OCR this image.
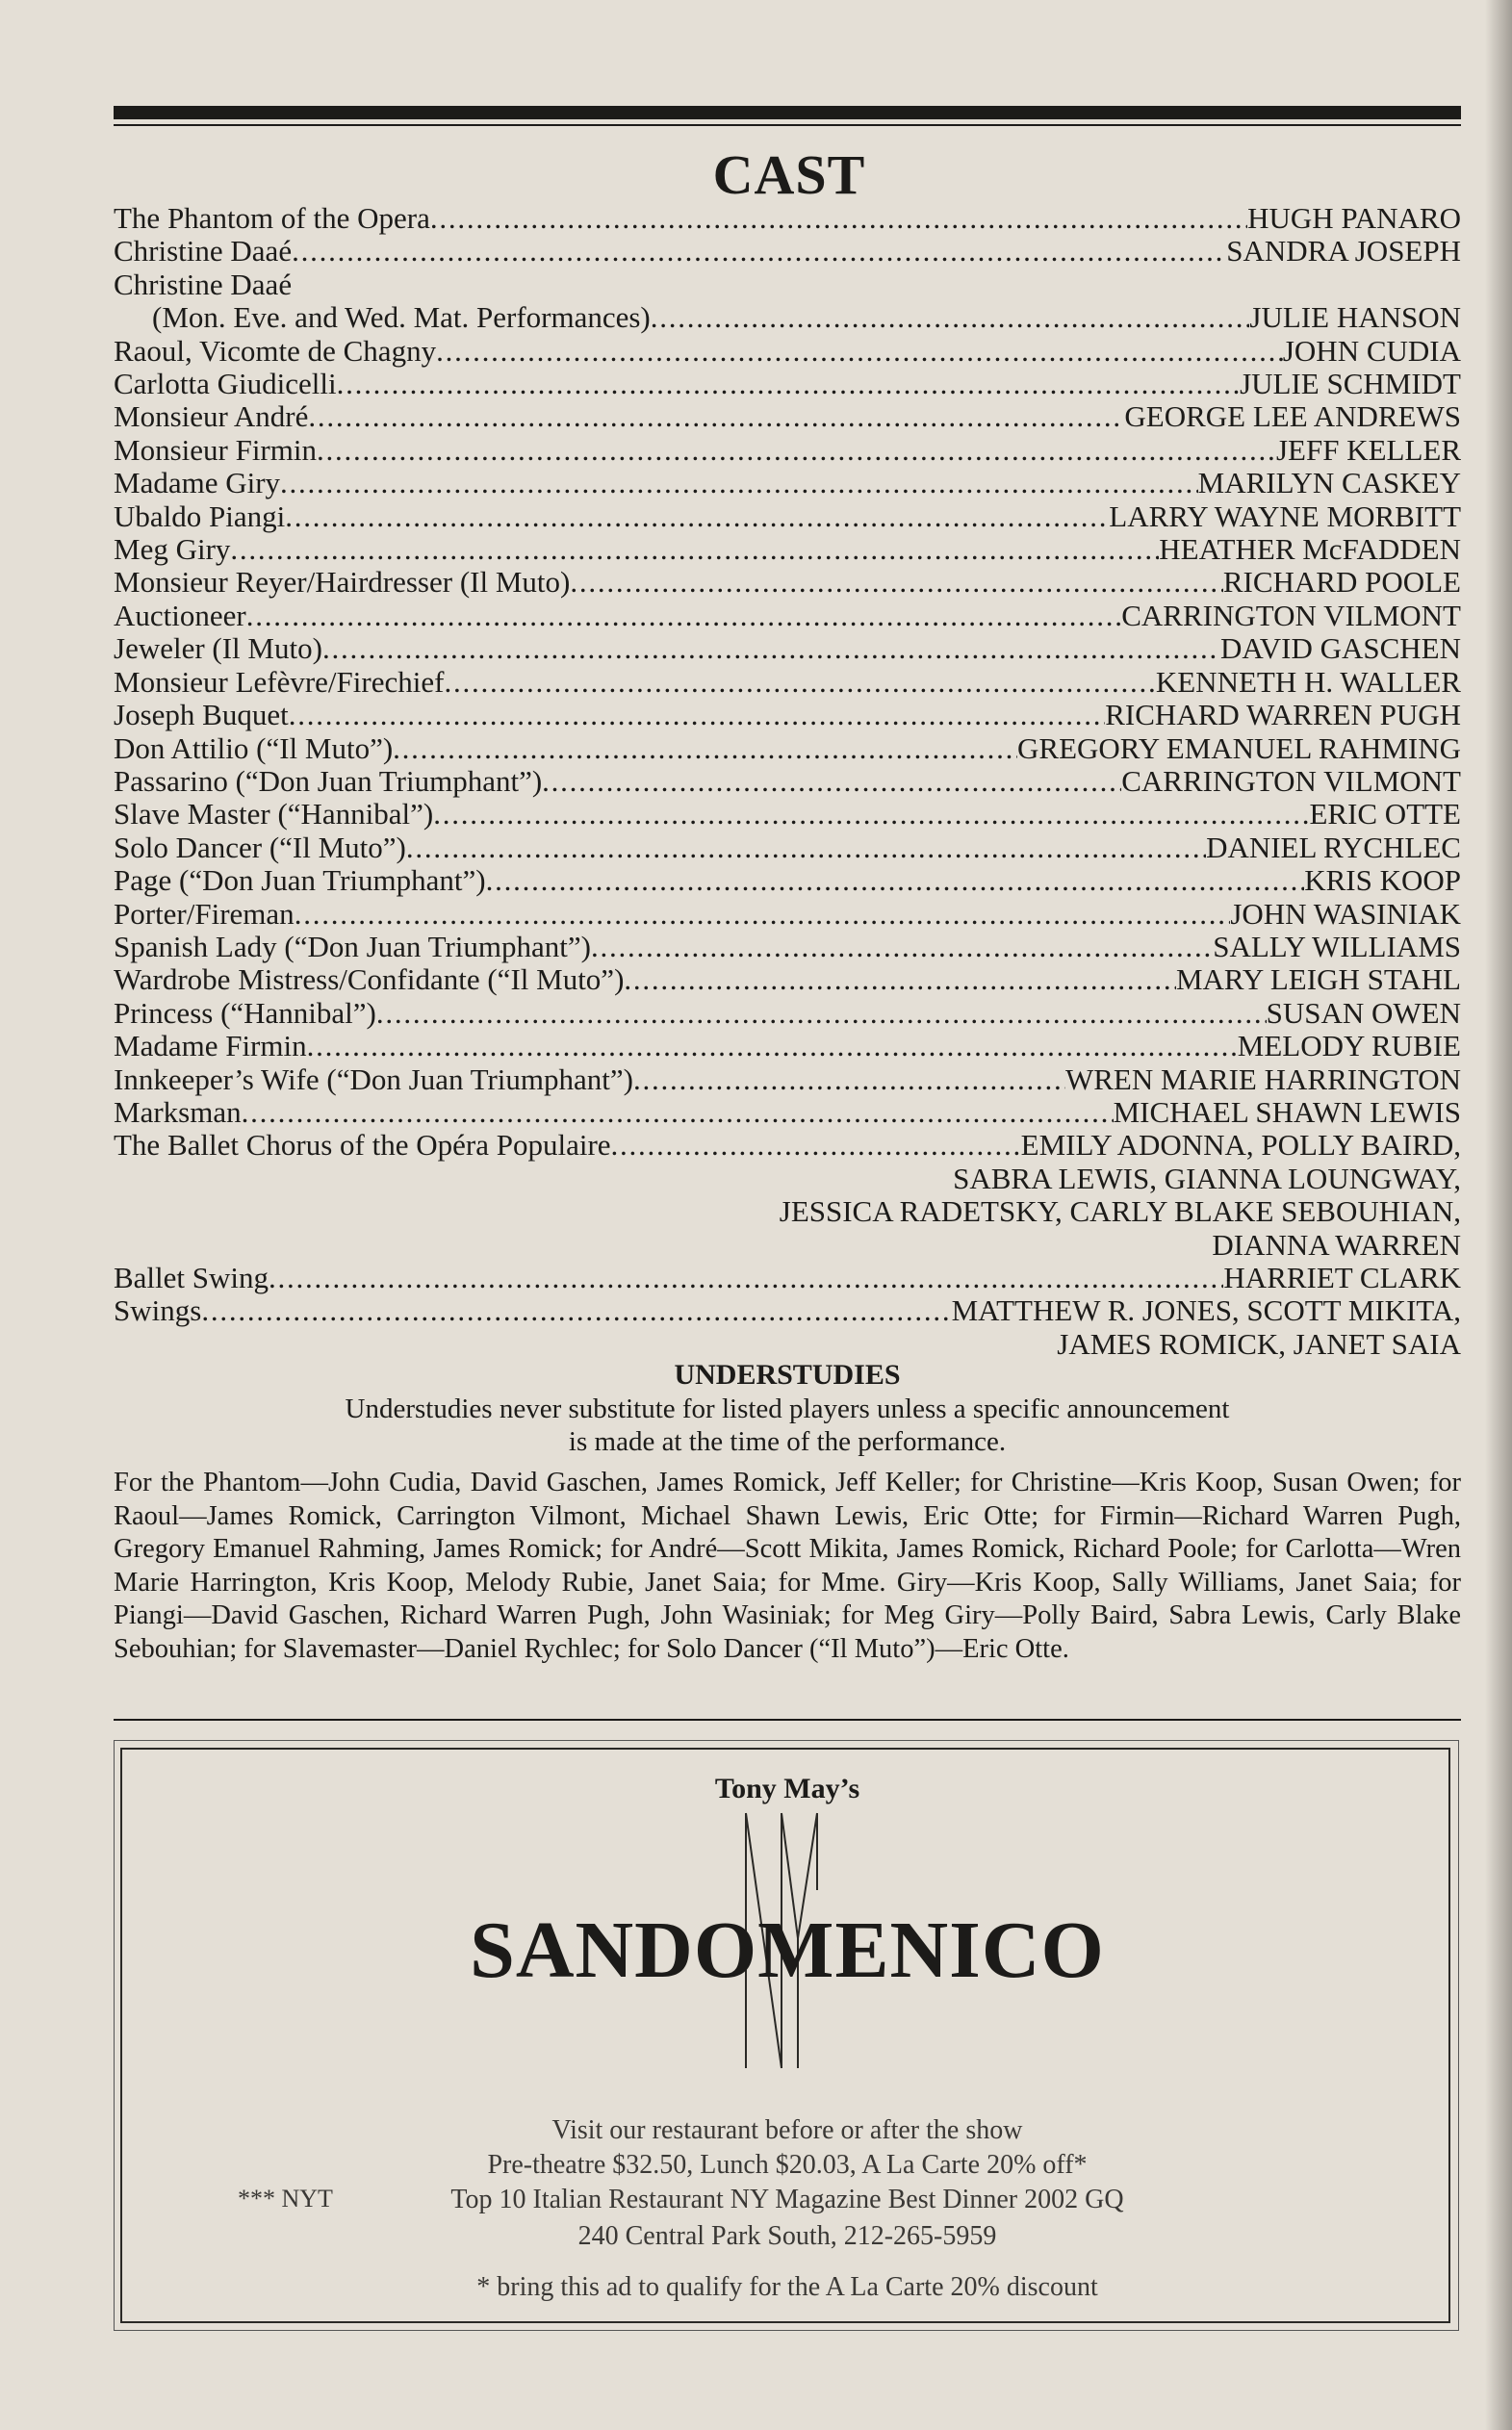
CAST
The Phantom of the Opera . . .	HUGH PANARO
Christine Daaé . . .	SANDRA JOSEPH
Christine Daaé
(Mon. Eve. and Wed. Mat. Performances) . . .	JULIE HANSON
Raoul, Vicomte de Chagny . . .	JOHN CUDIA
Carlotta Giudicelli . . .	JULIE SCHMIDT
Monsieur André . . .	GEORGE LEE ANDREWS
Monsieur Firmin . . .	JEFF KELLER
Madame Giry . . .	MARILYN CASKEY
Ubaldo Piangi . . .	LARRY WAYNE MORBITT
Meg Giry . . .	HEATHER McFADDEN
Monsieur Reyer/Hairdresser (Il Muto) . . .	RICHARD POOLE
Auctioneer . . .	CARRINGTON VILMONT
Jeweler (Il Muto) . . .	DAVID GASCHEN
Monsieur Lefèvre/Firechief . . .	KENNETH H. WALLER
Joseph Buquet . . .	RICHARD WARREN PUGH
Don Attilio (“Il Muto”) . . .	GREGORY EMANUEL RAHMING
Passarino (“Don Juan Triumphant”) . . .	CARRINGTON VILMONT
Slave Master (“Hannibal”) . . .	ERIC OTTE
Solo Dancer (“Il Muto”) . . .	DANIEL RYCHLEC
Page (“Don Juan Triumphant”) . . .	KRIS KOOP
Porter/Fireman . . .	JOHN WASINIAK
Spanish Lady (“Don Juan Triumphant”) . . .	SALLY WILLIAMS
Wardrobe Mistress/Confidante (“Il Muto”) . . .	MARY LEIGH STAHL
Princess (“Hannibal”) . . .	SUSAN OWEN
Madame Firmin . . .	MELODY RUBIE
Innkeeper’s Wife (“Don Juan Triumphant”) . . .	WREN MARIE HARRINGTON
Marksman . . .	MICHAEL SHAWN LEWIS
The Ballet Chorus of the Opéra Populaire . . .	EMILY ADONNA, POLLY BAIRD,
SABRA LEWIS, GIANNA LOUNGWAY,
JESSICA RADETSKY, CARLY BLAKE SEBOUHIAN,
DIANNA WARREN
Ballet Swing . . .	HARRIET CLARK
Swings . . .	MATTHEW R. JONES, SCOTT MIKITA,
JAMES ROMICK, JANET SAIA
UNDERSTUDIES
Understudies never substitute for listed players unless a specific announcement
is made at the time of the performance.
For the Phantom—John Cudia, David Gaschen, James Romick, Jeff Keller; for Christine—Kris Koop, Susan Owen; for Raoul—James Romick, Carrington Vilmont, Michael Shawn Lewis, Eric Otte; for Firmin—Richard Warren Pugh, Gregory Emanuel Rahming, James Romick; for André—Scott Mikita, James Romick, Richard Poole; for Carlotta—Wren Marie Harrington, Kris Koop, Melody Rubie, Janet Saia; for Mme. Giry—Kris Koop, Sally Williams, Janet Saia; for Piangi—David Gaschen, Richard Warren Pugh, John Wasiniak; for Meg Giry—Polly Baird, Sabra Lewis, Carly Blake Sebouhian; for Slavemaster—Daniel Rychlec; for Solo Dancer (“Il Muto”)—Eric Otte.
Tony May’s
SANDOMENICO
Visit our restaurant before or after the show
Pre-theatre $32.50, Lunch $20.03, A La Carte 20% off*
*** NYT	Top 10 Italian Restaurant NY Magazine Best Dinner 2002 GQ
240 Central Park South, 212-265-5959
* bring this ad to qualify for the A La Carte 20% discount
